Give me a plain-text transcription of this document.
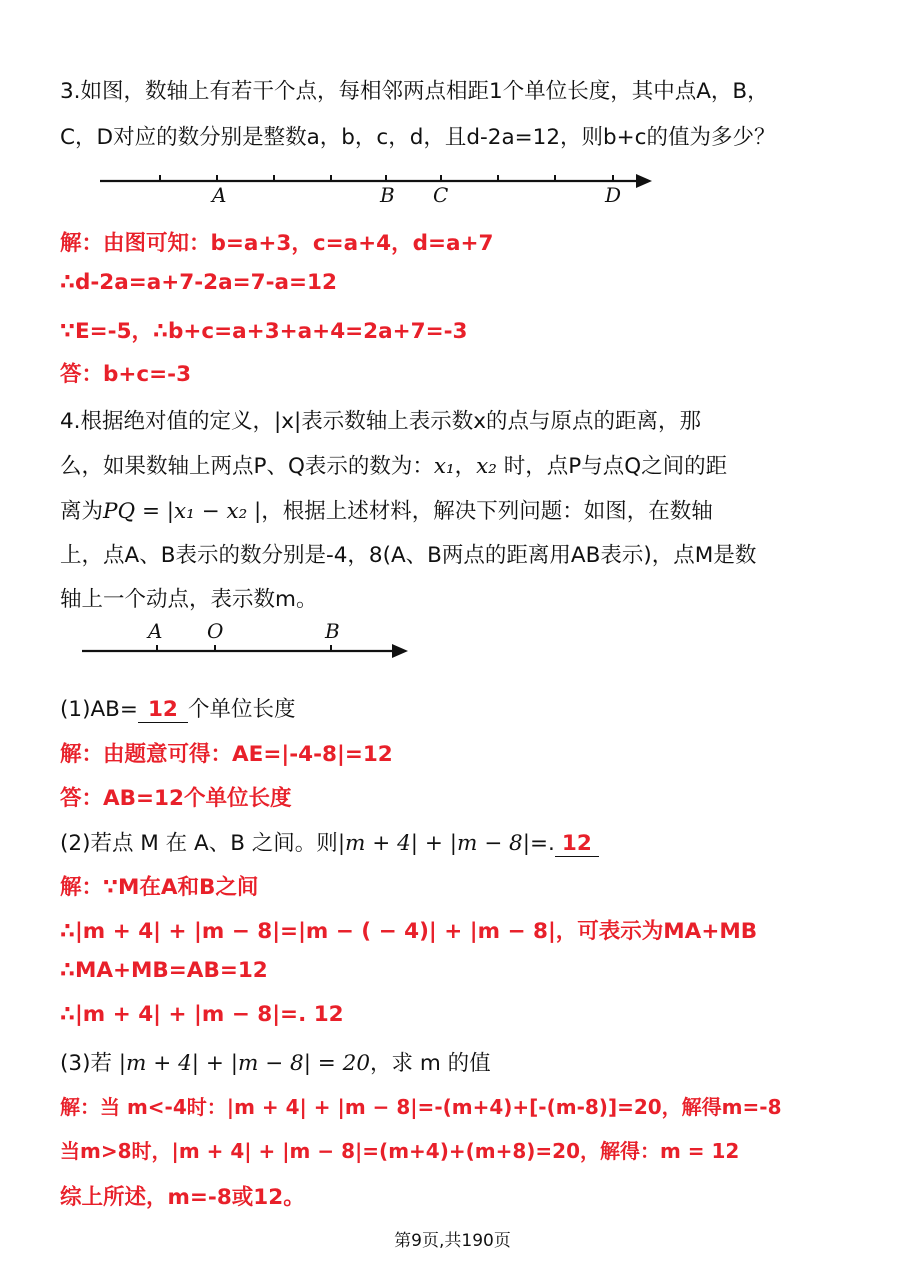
3.如图，数轴上有若干个点，每相邻两点相距1个单位长度，其中点A，B，
C，D对应的数分别是整数a，b，c，d，且d-2a=12，则b+c的值为多少？
A	B C	D
解：由图可知：b=a+3，c=a+4，d=a+7
∴d-2a=a+7-2a=7-a=12
∵E=-5，∴b+c=a+3+a+4=2a+7=-3
答：b+c=-3
4.根据绝对值的定义，|x|表示数轴上表示数x的点与原点的距离，那
么，如果数轴上两点P、Q表示的数为：x₁，x₂ 时，点P与点Q之间的距
离为PQ = |x₁ − x₂ |，根据上述材料，解决下列问题：如图，在数轴
上，点A、B表示的数分别是-4，8(A、B两点的距离用AB表示)，点M是数
轴上一个动点，表示数m。
A O	B
(1)AB= 12 个单位长度
解：由题意可得：AE=|-4-8|=12
答：AB=12个单位长度
(2)若点 M 在 A、B 之间。则|m + 4| + |m − 8|=. 12
解：∵M在A和B之间
∴|m + 4| + |m − 8|=|m − ( − 4)| + |m − 8|，可表示为MA+MB
∴MA+MB=AB=12
∴|m + 4| + |m − 8|=. 12
(3)若 |m + 4| + |m − 8| = 20，求 m 的值
解：当 m<-4时：|m + 4| + |m − 8|=-(m+4)+[-(m-8)]=20，解得m=-8
当m>8时，|m + 4| + |m − 8|=(m+4)+(m+8)=20，解得：m = 12
综上所述，m=-8或12。
第9页,共190页
